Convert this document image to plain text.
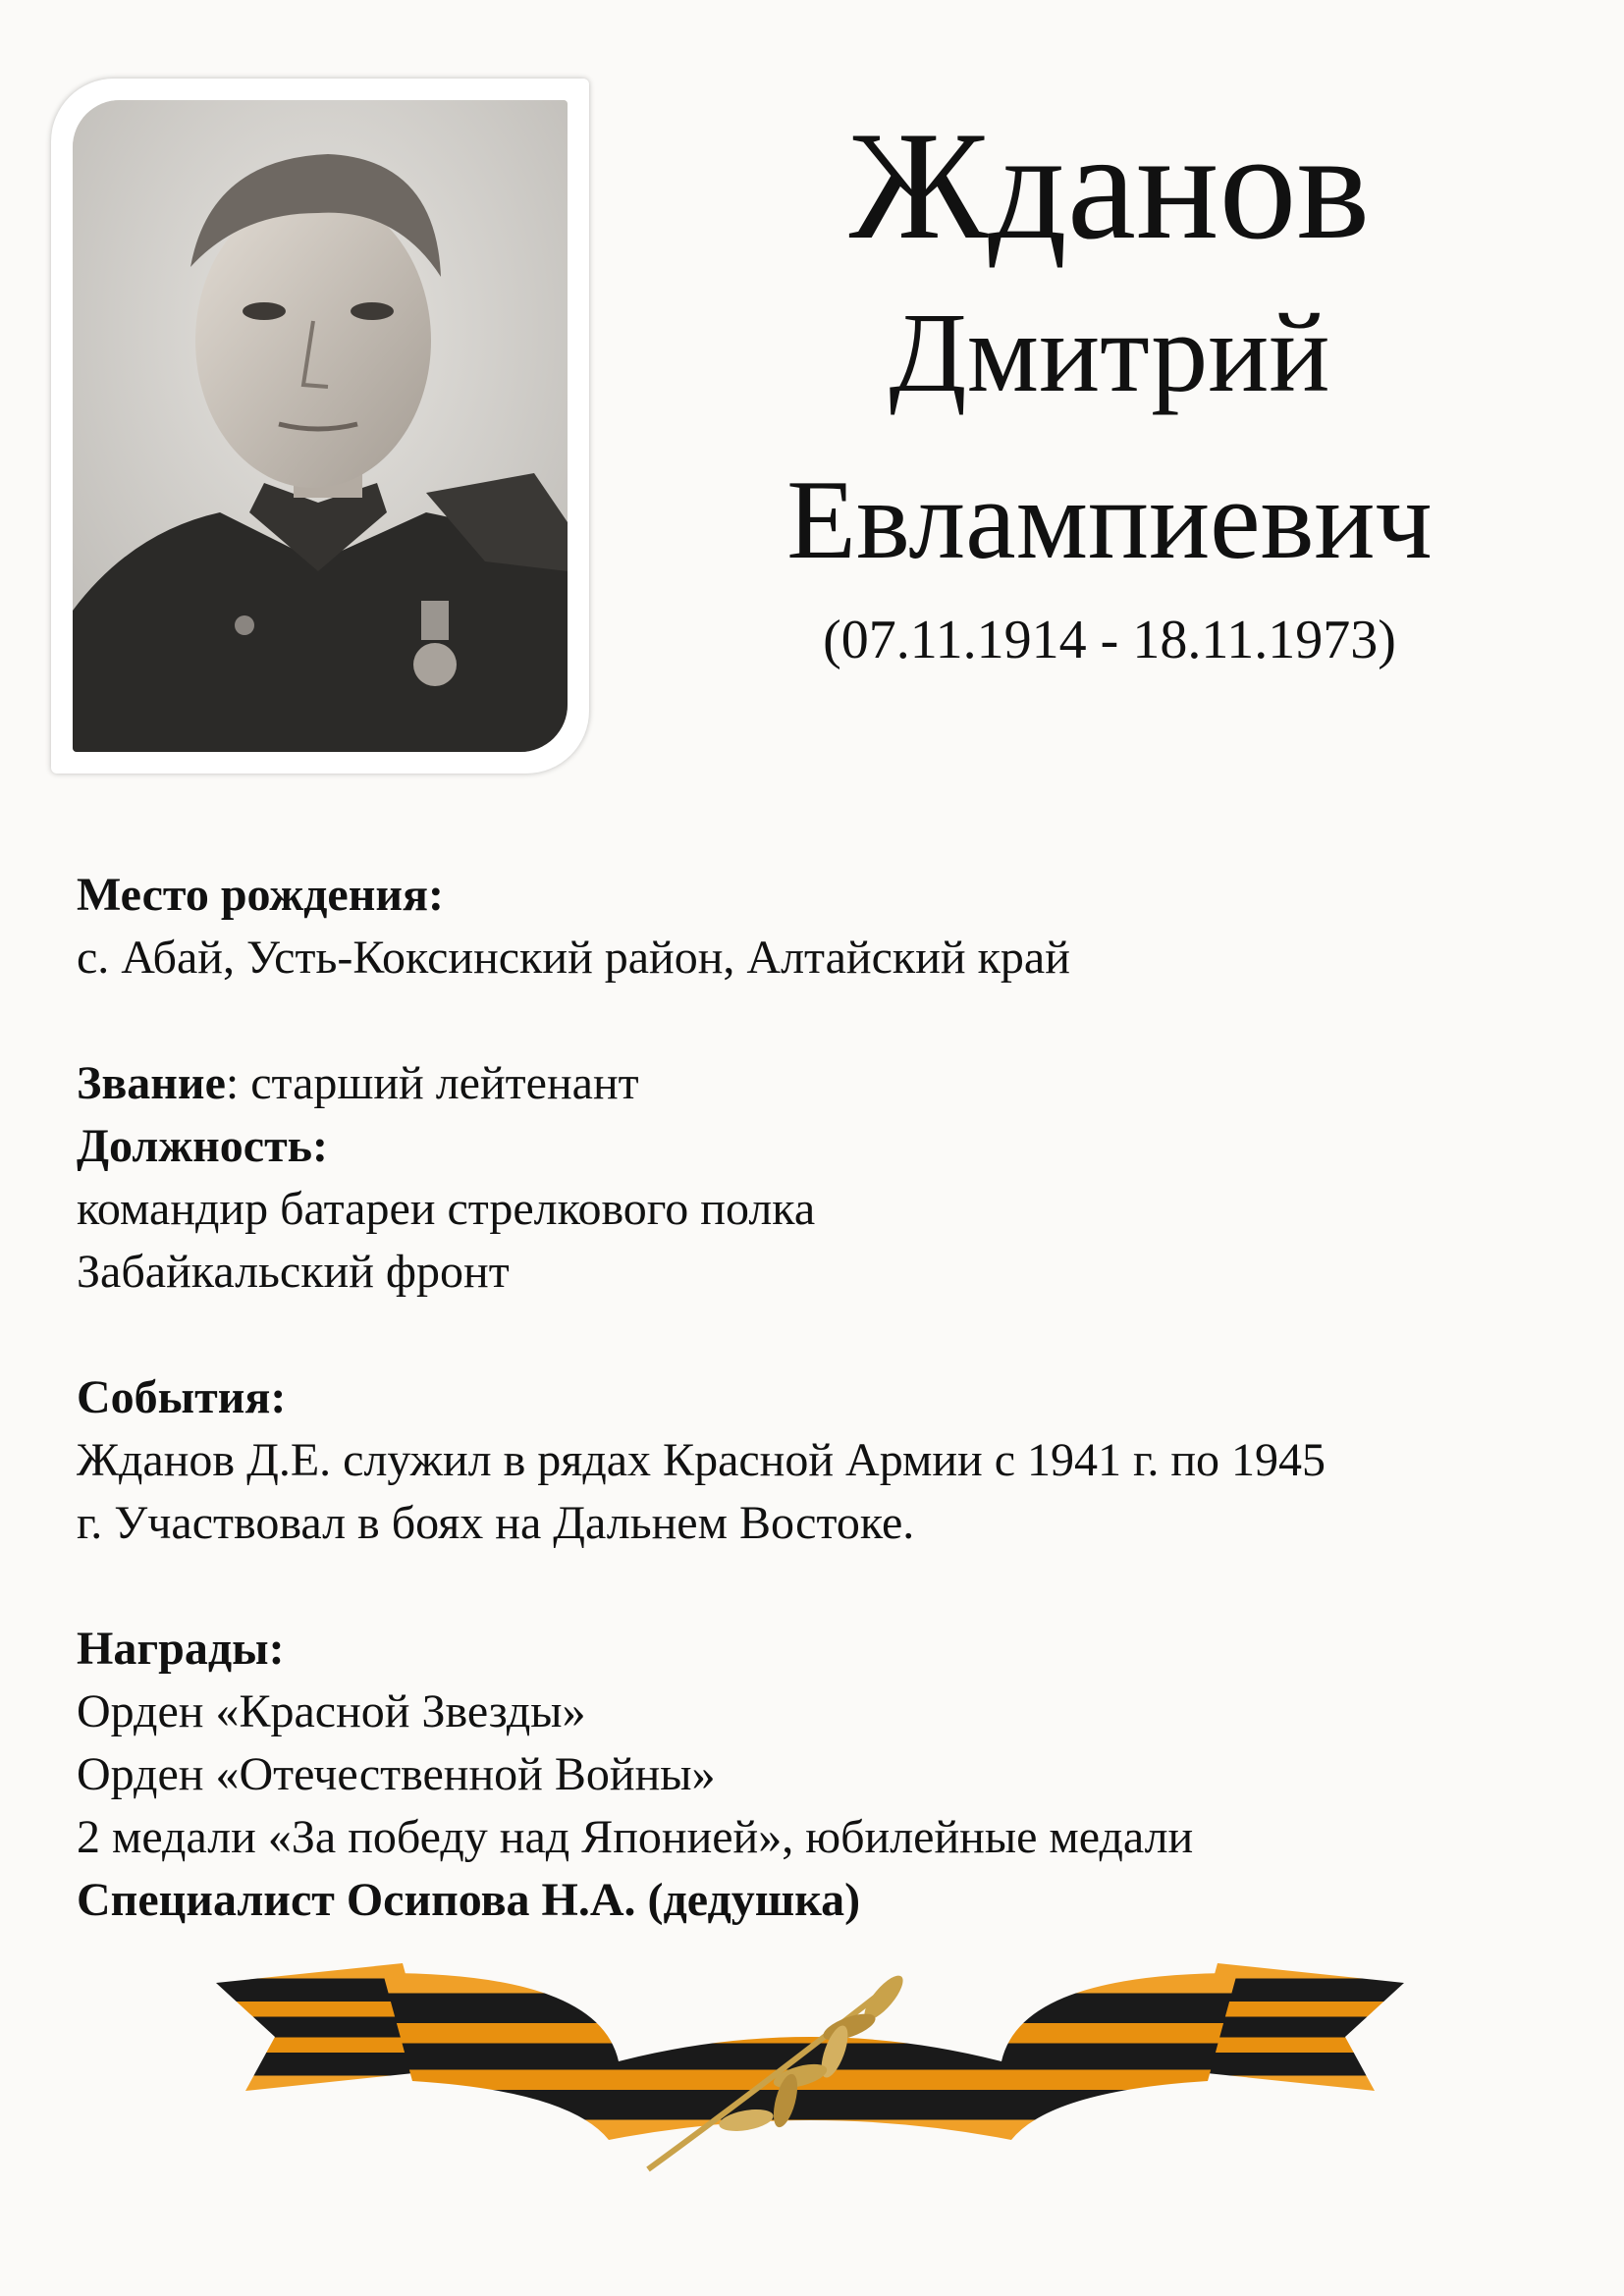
Жданов
Дмитрий
Евлампиевич
(07.11.1914 - 18.11.1973)

Место рождения:

с. Абай, Усть-Коксинский район, Алтайский край

Звание: старший лейтенант

Должность:

командир батареи стрелкового полка

Забайкальский фронт

События:

Жданов Д.Е. служил в рядах Красной Армии с 1941 г. по 1945

г. Участвовал в боях на Дальнем Востоке.

Награды:

Орден «Красной Звезды»

Орден «Отечественной Войны»

2 медали «За победу над Японией», юбилейные медали

Специалист Осипова Н.А. (дедушка)
